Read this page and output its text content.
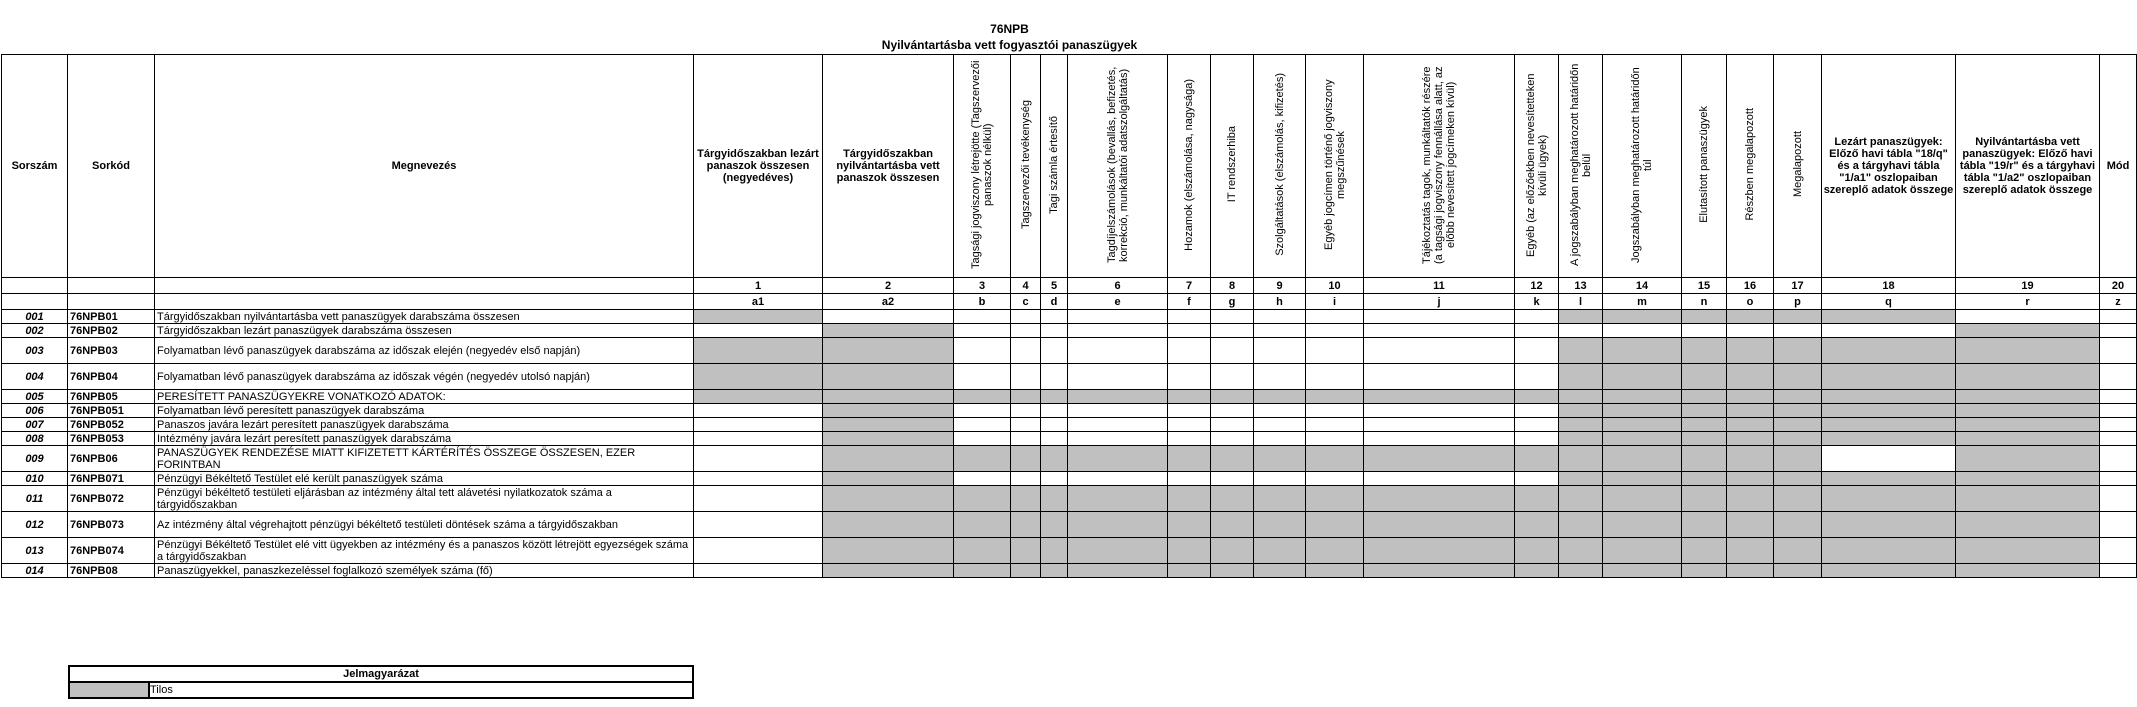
76NPB
Nyilvántartásba vett fogyasztói panaszügyek
Sorszám	Sorkód	Megnevezés	Tárgyidőszakban lezárt panaszok összesen (negyedéves)	Tárgyidőszakban nyilvántartásba vett panaszok összesen	Tagsági jogviszony létrejötte (Tagszervezői panaszok nélkül)	Tagszervezői tevékenység	Tagi számla értesítő	Tagdíjelszámolások (bevallás, befizetés, korrekció, munkáltatói adatszolgáltatás)	Hozamok (elszámolása, nagysága)	IT rendszerhiba	Szolgáltatások (elszámolás, kifizetés)	Egyéb jogcímen történő jogviszony megszűnések	Tájékoztatás tagok, munkáltatók részére (a tagsági jogviszony fennállása alatt, az előbb nevesített jogcímeken kívül)	Egyéb (az előzőekben nevesítetteken kívüli ügyek)	A jogszabályban meghatározott határidőn belül	Jogszabályban meghatározott határidőn túl	Elutasított panaszügyek	Részben megalapozott	Megalapozott	Lezárt panaszügyek: Előző havi tábla "18/q" és a tárgyhavi tábla "1/a1" oszlopaiban szereplő adatok összege	Nyilvántartásba vett panaszügyek: Előző havi tábla "19/r" és a tárgyhavi tábla "1/a2" oszlopaiban szereplő adatok összege	Mód
			1	2	3	4	5	6	7	8	9	10	11	12	13	14	15	16	17	18	19	20
			a1	a2	b	c	d	e	f	g	h	i	j	k	l	m	n	o	p	q	r	z
001	76NPB01	Tárgyidőszakban nyilvántartásba vett panaszügyek darabszáma összesen																				
002	76NPB02	Tárgyidőszakban lezárt panaszügyek darabszáma összesen																				
003	76NPB03	Folyamatban lévő panaszügyek darabszáma az időszak elején (negyedév első napján)																				
004	76NPB04	Folyamatban lévő panaszügyek darabszáma az időszak végén (negyedév utolsó napján)																				
005	76NPB05	PERESÍTETT PANASZÜGYEKRE VONATKOZÓ ADATOK:																				
006	76NPB051	Folyamatban lévő peresített panaszügyek darabszáma																				
007	76NPB052	Panaszos javára lezárt peresített panaszügyek darabszáma																				
008	76NPB053	Intézmény javára lezárt peresített panaszügyek darabszáma																				
009	76NPB06	PANASZÜGYEK RENDEZÉSE MIATT KIFIZETETT KÁRTÉRÍTÉS ÖSSZEGE ÖSSZESEN, EZER FORINTBAN																				
010	76NPB071	Pénzügyi Békéltető Testület elé került panaszügyek száma																				
011	76NPB072	Pénzügyi békéltető testületi eljárásban az intézmény által tett alávetési nyilatkozatok száma a tárgyidőszakban																				
012	76NPB073	Az intézmény által végrehajtott pénzügyi békéltető testületi döntések száma a tárgyidőszakban																				
013	76NPB074	Pénzügyi Békéltető Testület elé vitt ügyekben az intézmény és a panaszos között létrejött egyezségek száma a tárgyidőszakban																				
014	76NPB08	Panaszügyekkel, panaszkezeléssel foglalkozó személyek száma (fő)																				
Jelmagyarázat
	Tilos
